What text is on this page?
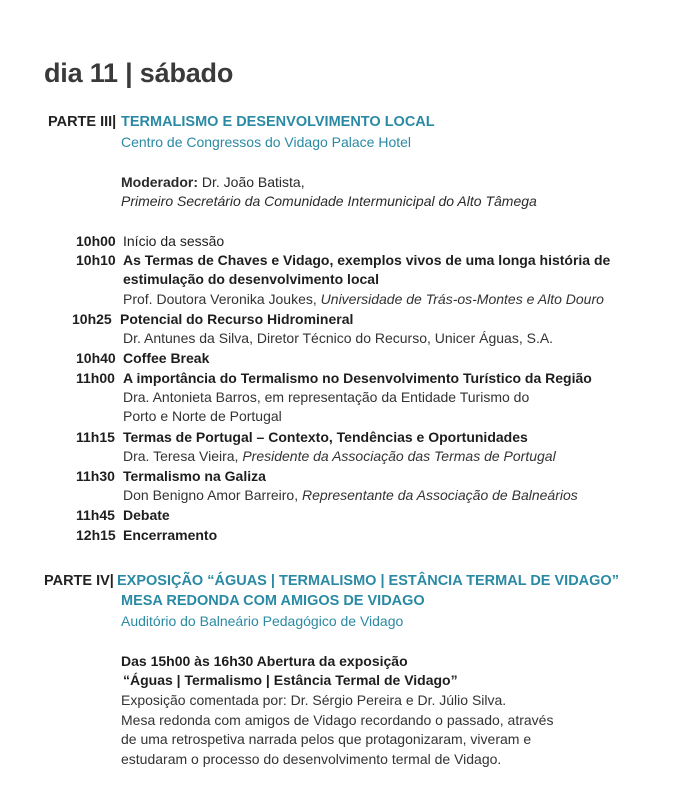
dia 11 | sábado
PARTE III| TERMALISMO E DESENVOLVIMENTO LOCAL
Centro de Congressos do Vidago Palace Hotel
Moderador: Dr. João Batista,
Primeiro Secretário da Comunidade Intermunicipal do Alto Tâmega
10h00 Início da sessão
10h10 As Termas de Chaves e Vidago, exemplos vivos de uma longa história de
estimulação do desenvolvimento local
Prof. Doutora Veronika Joukes, Universidade de Trás-os-Montes e Alto Douro
10h25 Potencial do Recurso Hidromineral
Dr. Antunes da Silva, Diretor Técnico do Recurso, Unicer Águas, S.A.
10h40 Coffee Break
11h00 A importância do Termalismo no Desenvolvimento Turístico da Região
Dra. Antonieta Barros, em representação da Entidade Turismo do
Porto e Norte de Portugal
11h15 Termas de Portugal – Contexto, Tendências e Oportunidades
Dra. Teresa Vieira, Presidente da Associação das Termas de Portugal
11h30 Termalismo na Galiza
Don Benigno Amor Barreiro, Representante da Associação de Balneários
11h45 Debate
12h15 Encerramento
PARTE IV| EXPOSIÇÃO “ÁGUAS | TERMALISMO | ESTÂNCIA TERMAL DE VIDAGO”
MESA REDONDA COM AMIGOS DE VIDAGO
Auditório do Balneário Pedagógico de Vidago
Das 15h00 às 16h30 Abertura da exposição
“Águas | Termalismo | Estância Termal de Vidago”
Exposição comentada por: Dr. Sérgio Pereira e Dr. Júlio Silva.
Mesa redonda com amigos de Vidago recordando o passado, através
de uma retrospetiva narrada pelos que protagonizaram, viveram e
estudaram o processo do desenvolvimento termal de Vidago.
